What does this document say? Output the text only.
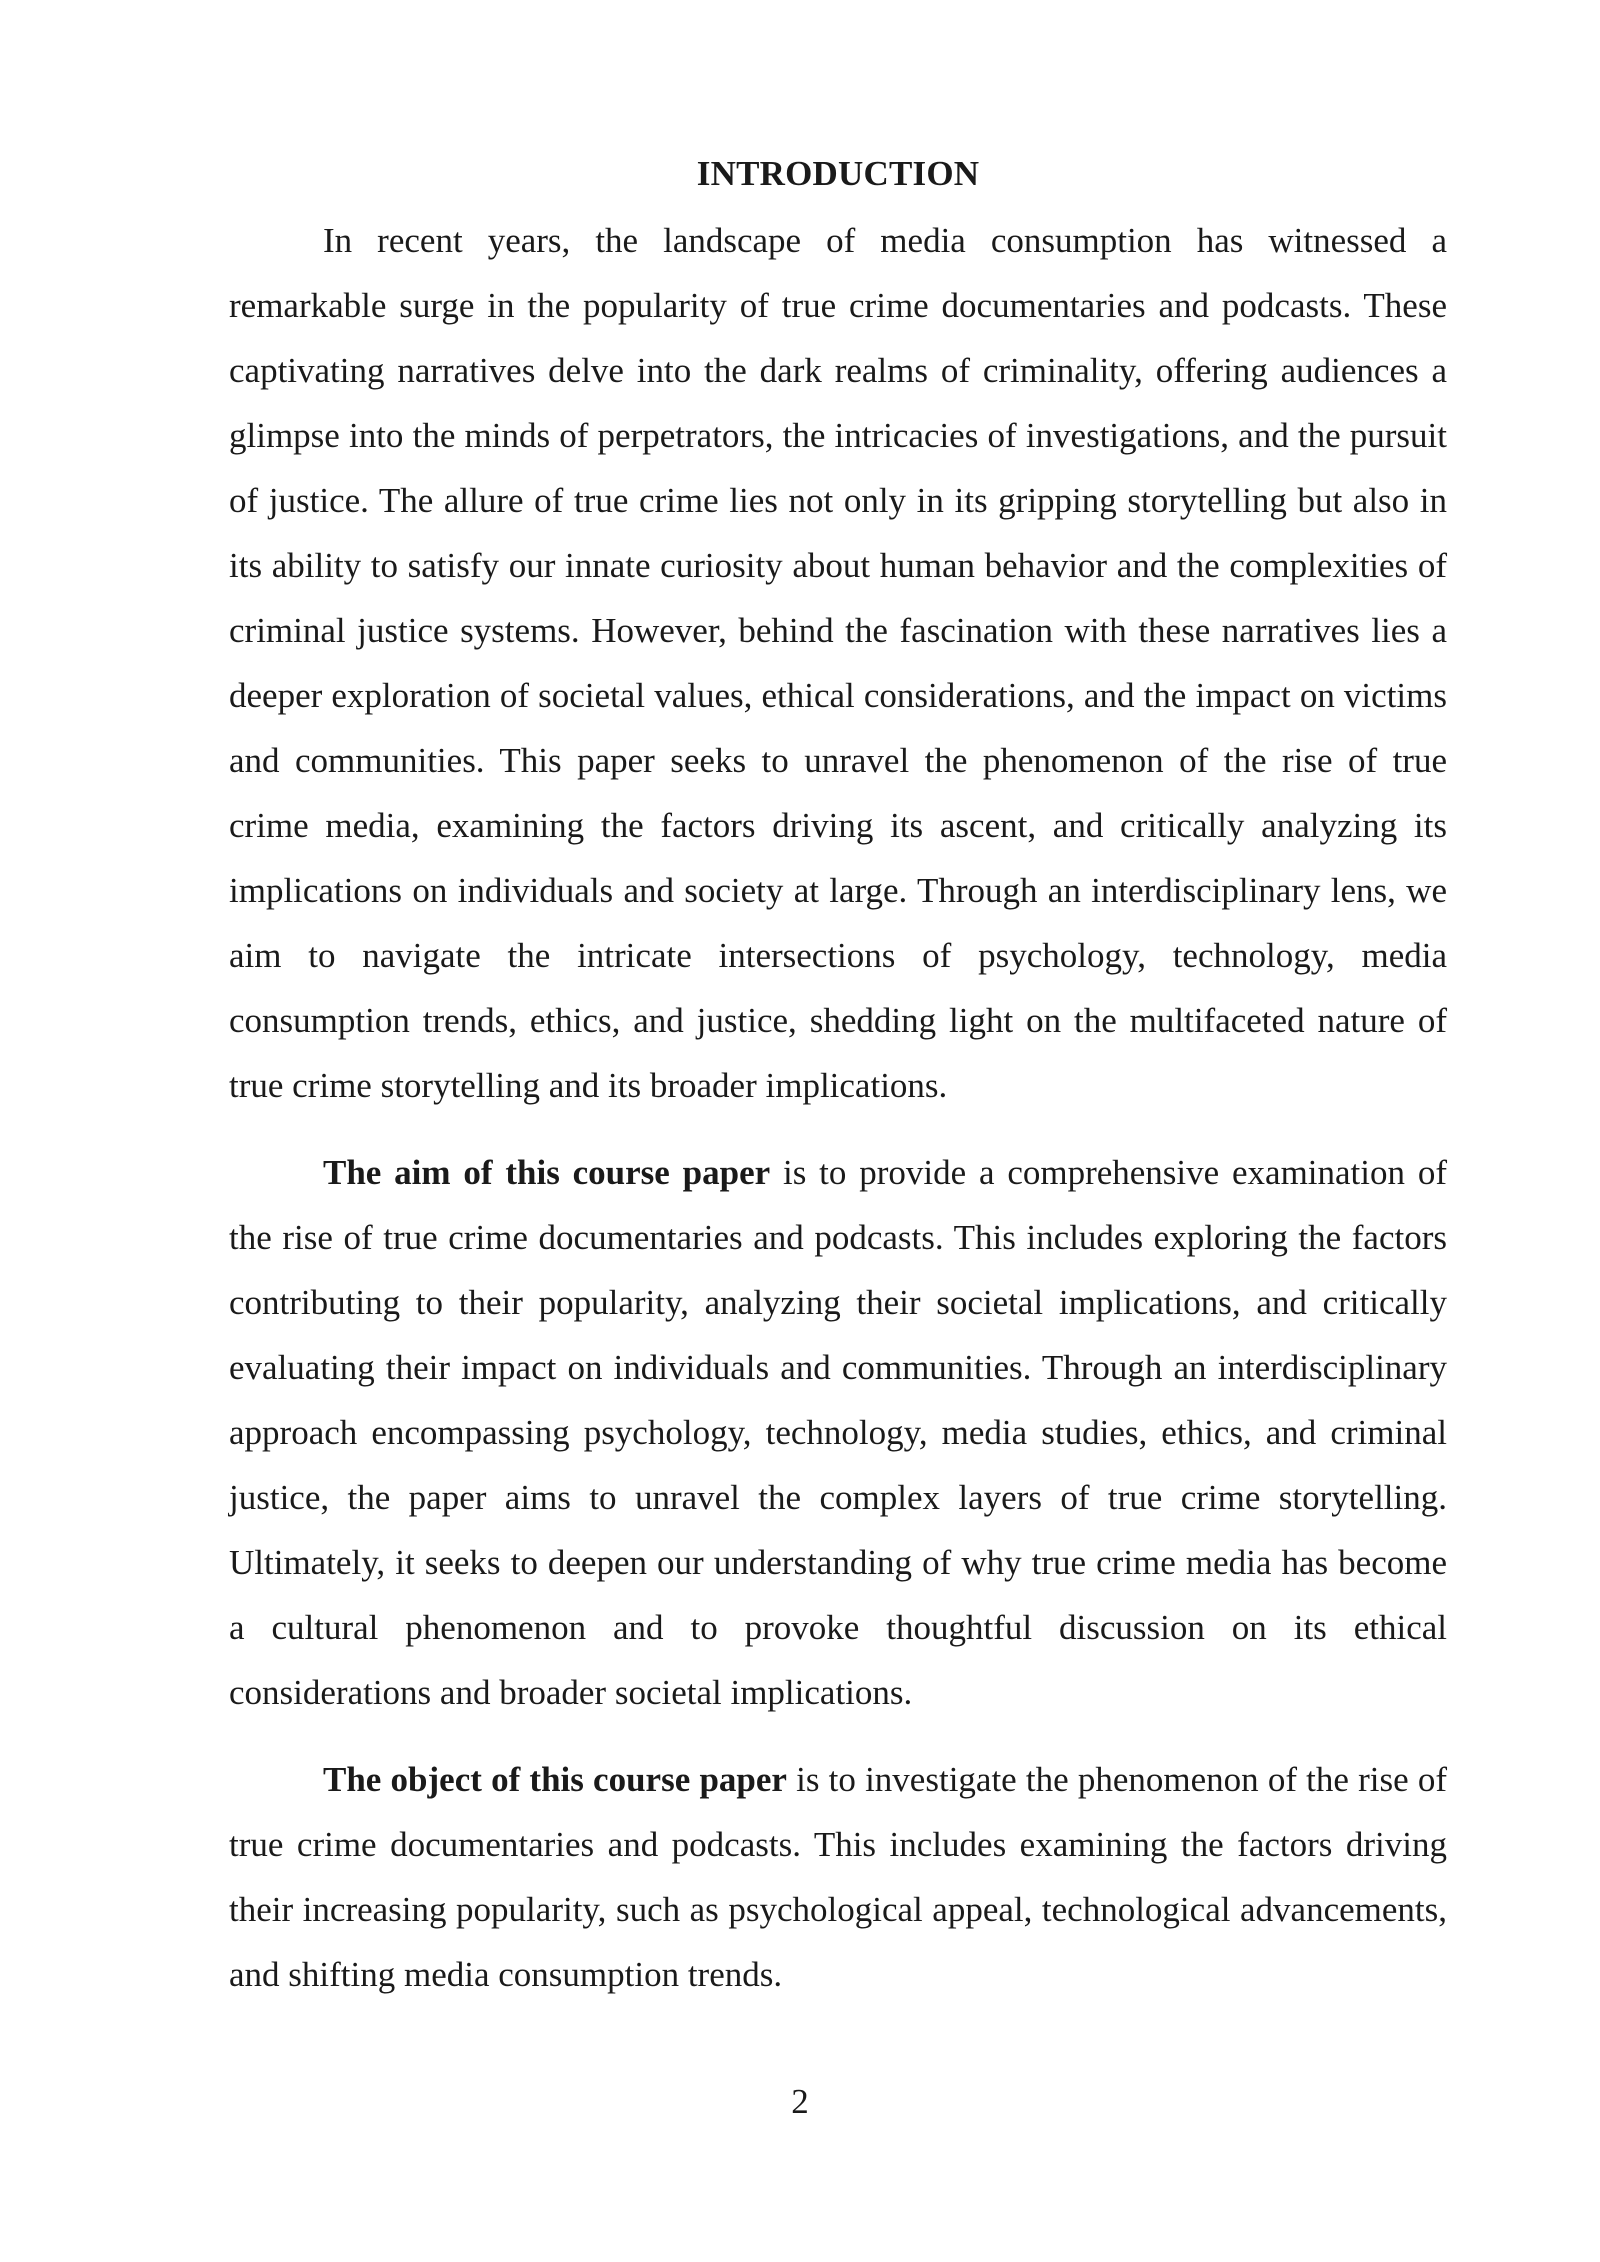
INTRODUCTION

In recent years, the landscape of media consumption has witnessed a remarkable surge in the popularity of true crime documentaries and podcasts. These captivating narratives delve into the dark realms of criminality, offering audiences a glimpse into the minds of perpetrators, the intricacies of investigations, and the pursuit of justice. The allure of true crime lies not only in its gripping storytelling but also in its ability to satisfy our innate curiosity about human behavior and the complexities of criminal justice systems. However, behind the fascination with these narratives lies a deeper exploration of societal values, ethical considerations, and the impact on victims and communities. This paper seeks to unravel the phenomenon of the rise of true crime media, examining the factors driving its ascent, and critically analyzing its implications on individuals and society at large. Through an interdisciplinary lens, we aim to navigate the intricate intersections of psychology, technology, media consumption trends, ethics, and justice, shedding light on the multifaceted nature of true crime storytelling and its broader implications.

The aim of this course paper is to provide a comprehensive examination of the rise of true crime documentaries and podcasts. This includes exploring the factors contributing to their popularity, analyzing their societal implications, and critically evaluating their impact on individuals and communities. Through an interdisciplinary approach encompassing psychology, technology, media studies, ethics, and criminal justice, the paper aims to unravel the complex layers of true crime storytelling. Ultimately, it seeks to deepen our understanding of why true crime media has become a cultural phenomenon and to provoke thoughtful discussion on its ethical considerations and broader societal implications.

The object of this course paper is to investigate the phenomenon of the rise of true crime documentaries and podcasts. This includes examining the factors driving their increasing popularity, such as psychological appeal, technological advancements, and shifting media consumption trends.

2
